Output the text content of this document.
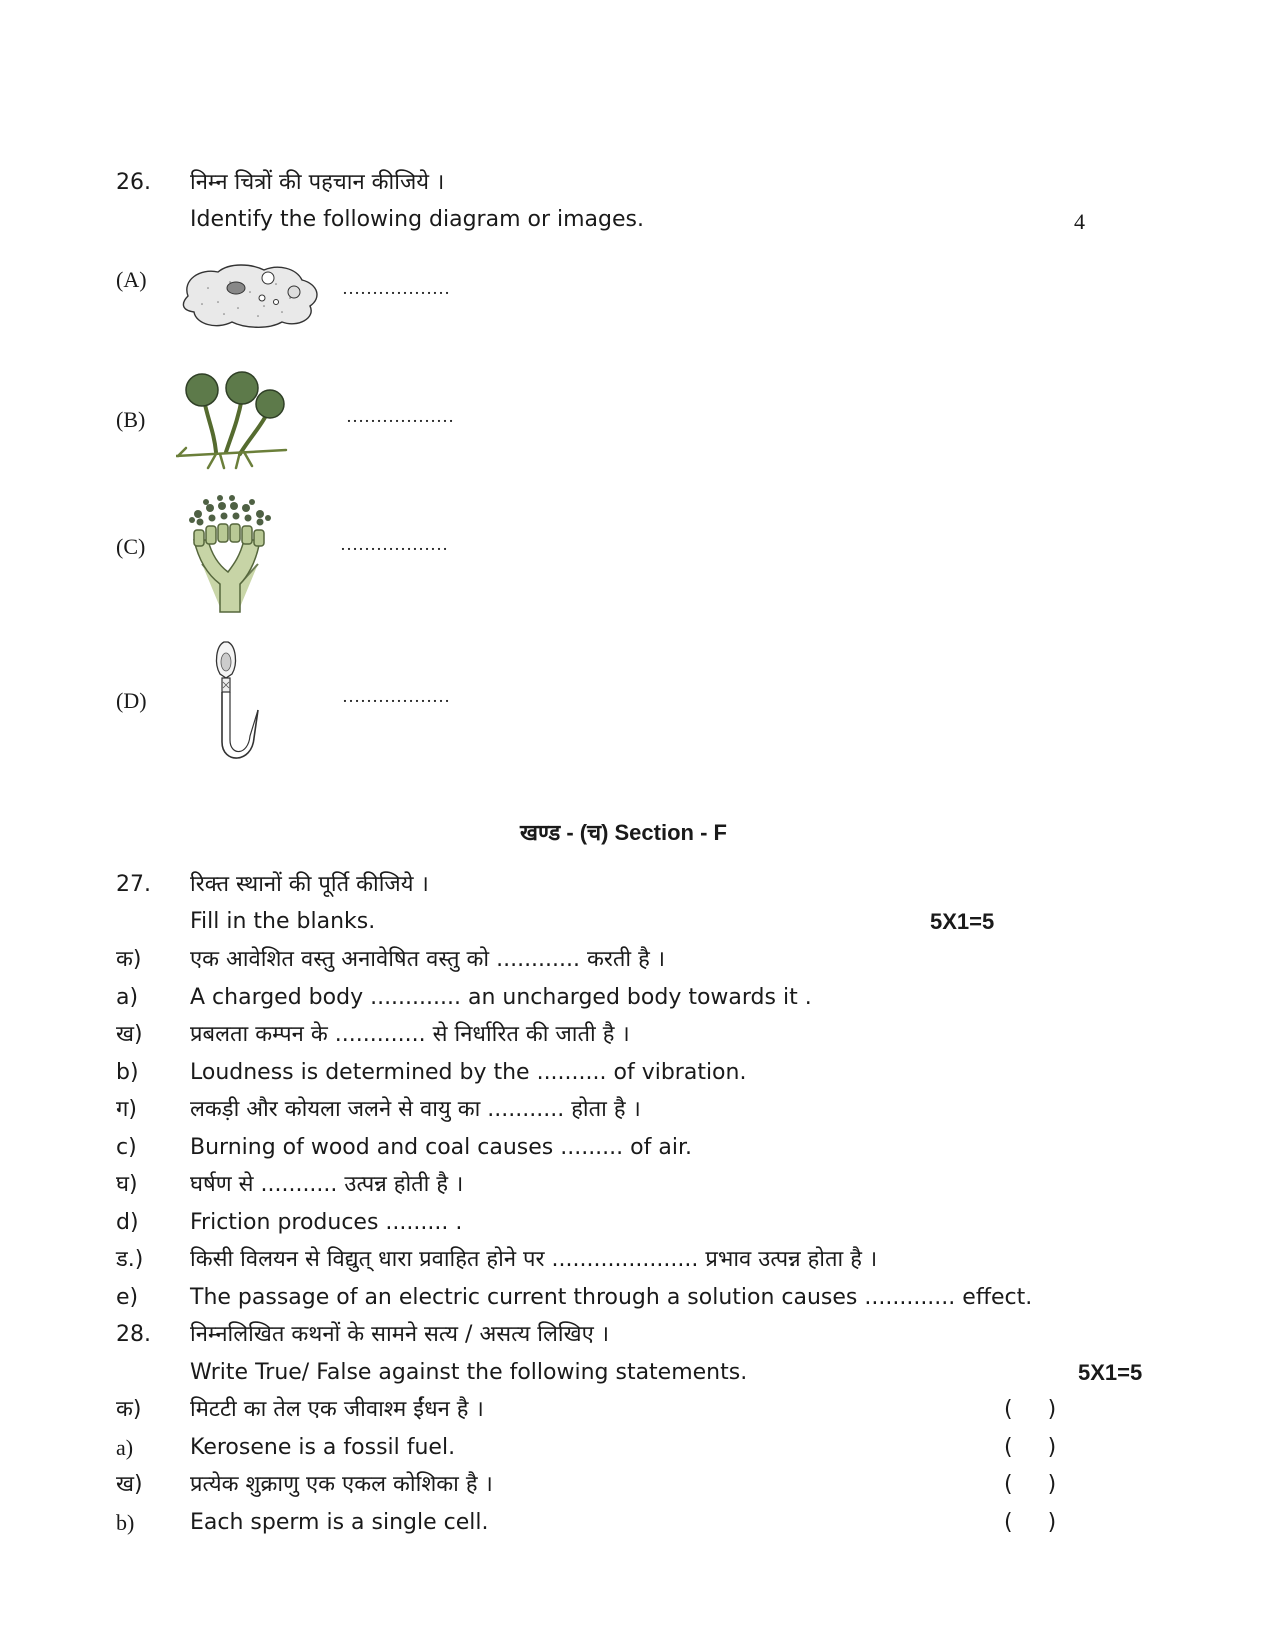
26. निम्न चित्रों की पहचान कीजिये ।
Identify the following diagram or images.	4
(A)	………………
(B)	………………
(C)	………………
(D)	………………
खण्ड - (च) Section - F
27. रिक्त स्थानों की पूर्ति कीजिये ।
Fill in the blanks.	5X1=5
क) एक आवेशित वस्तु अनावेषित वस्तु को ............ करती है ।
a) A charged body ............. an uncharged body towards it .
ख) प्रबलता कम्पन के ............. से निर्धारित की जाती है ।
b) Loudness is determined by the .......... of vibration.
ग) लकड़ी और कोयला जलने से वायु का ........... होता है ।
c) Burning of wood and coal causes ......... of air.
घ) घर्षण से ........... उत्पन्न होती है ।
d) Friction produces ......... .
ड.) किसी विलयन से विद्युत् धारा प्रवाहित होने पर ..................... प्रभाव उत्पन्न होता है ।
e) The passage of an electric current through a solution causes ............. effect.
28. निम्नलिखित कथनों के सामने सत्य / असत्य लिखिए ।
Write True/ False against the following statements.	5X1=5
क) मिटटी का तेल एक जीवाश्म ईंधन है ।	( )
a)	Kerosene is a fossil fuel.	( )
ख) प्रत्येक शुक्राणु एक एकल कोशिका है ।	( )
b)	Each sperm is a single cell.	( )
